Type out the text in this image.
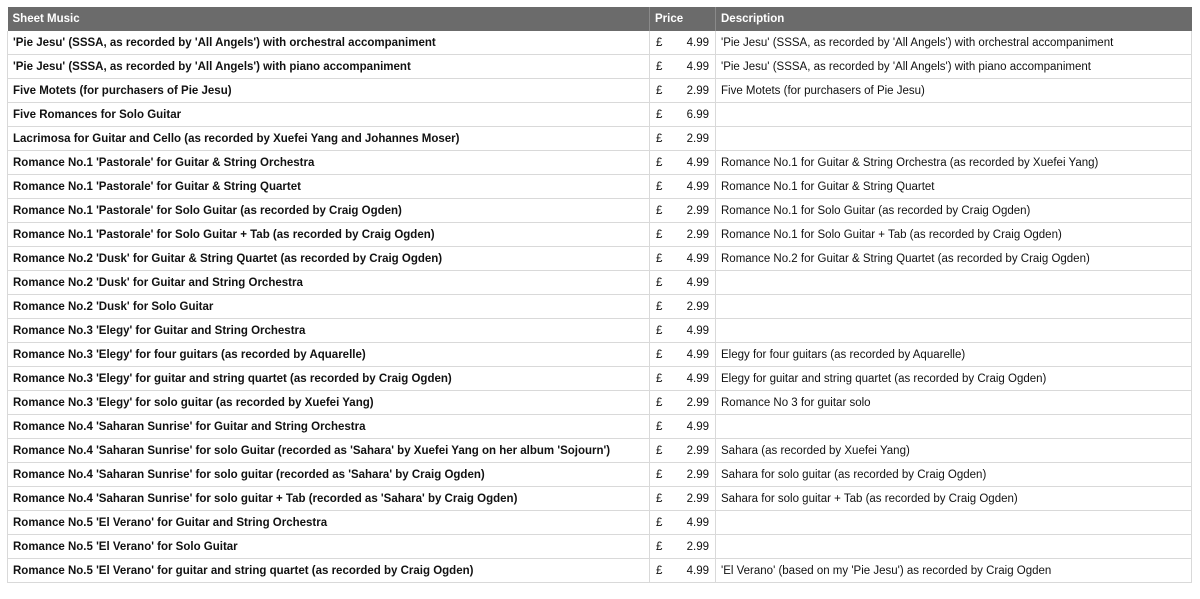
Sheet Music	Price	Description
'Pie Jesu' (SSSA, as recorded by 'All Angels') with orchestral accompaniment	£ 4.99	'Pie Jesu' (SSSA, as recorded by 'All Angels') with orchestral accompaniment
'Pie Jesu' (SSSA, as recorded by 'All Angels') with piano accompaniment	£ 4.99	'Pie Jesu' (SSSA, as recorded by 'All Angels') with piano accompaniment
Five Motets (for purchasers of Pie Jesu)	£ 2.99	Five Motets (for purchasers of Pie Jesu)
Five Romances for Solo Guitar	£ 6.99	

Lacrimosa for Guitar and Cello (as recorded by Xuefei Yang and Johannes Moser)	£ 2.99	

Romance No.1 'Pastorale' for Guitar & String Orchestra	£ 4.99	Romance No.1 for Guitar & String Orchestra (as recorded by Xuefei Yang)
Romance No.1 'Pastorale' for Guitar & String Quartet	£ 4.99	Romance No.1 for Guitar & String Quartet
Romance No.1 'Pastorale' for Solo Guitar (as recorded by Craig Ogden)	£ 2.99	Romance No.1 for Solo Guitar (as recorded by Craig Ogden)
Romance No.1 'Pastorale' for Solo Guitar + Tab (as recorded by Craig Ogden)	£ 2.99	Romance No.1 for Solo Guitar + Tab (as recorded by Craig Ogden)
Romance No.2 'Dusk' for Guitar & String Quartet (as recorded by Craig Ogden)	£ 4.99	Romance No.2 for Guitar & String Quartet (as recorded by Craig Ogden)
Romance No.2 'Dusk' for Guitar and String Orchestra	£ 4.99	

Romance No.2 'Dusk' for Solo Guitar	£ 2.99	

Romance No.3 'Elegy' for Guitar and String Orchestra	£ 4.99	

Romance No.3 'Elegy' for four guitars (as recorded by Aquarelle)	£ 4.99	Elegy for four guitars (as recorded by Aquarelle)
Romance No.3 'Elegy' for guitar and string quartet (as recorded by Craig Ogden)	£ 4.99	Elegy for guitar and string quartet (as recorded by Craig Ogden)
Romance No.3 'Elegy' for solo guitar (as recorded by Xuefei Yang)	£ 2.99	Romance No 3 for guitar solo
Romance No.4 'Saharan Sunrise' for Guitar and String Orchestra	£ 4.99	

Romance No.4 'Saharan Sunrise' for solo Guitar (recorded as 'Sahara' by Xuefei Yang on her album 'Sojourn')	£ 2.99	Sahara (as recorded by Xuefei Yang)
Romance No.4 'Saharan Sunrise' for solo guitar (recorded as 'Sahara' by Craig Ogden)	£ 2.99	Sahara for solo guitar (as recorded by Craig Ogden)
Romance No.4 'Saharan Sunrise' for solo guitar + Tab (recorded as 'Sahara' by Craig Ogden)	£ 2.99	Sahara for solo guitar + Tab (as recorded by Craig Ogden)
Romance No.5 'El Verano' for Guitar and String Orchestra	£ 4.99	

Romance No.5 'El Verano' for Solo Guitar	£ 2.99	

Romance No.5 'El Verano' for guitar and string quartet (as recorded by Craig Ogden)	£ 4.99	'El Verano' (based on my 'Pie Jesu') as recorded by Craig Ogden
